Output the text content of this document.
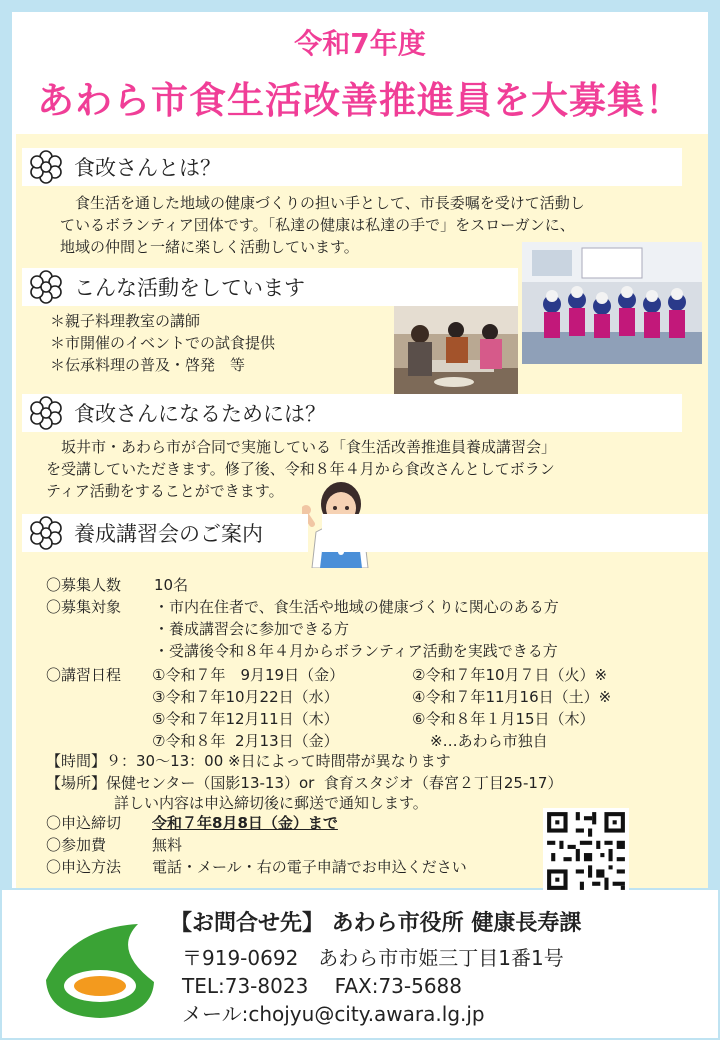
令和7年度
あわら市食生活改善推進員を大募集！
食改さんとは？
　食生活を通した地域の健康づくりの担い手として、市長委嘱を受けて活動し
ているボランティア団体です。「私達の健康は私達の手で」をスローガンに、
地域の仲間と一緒に楽しく活動しています。
こんな活動をしています
＊親子料理教室の講師
＊市開催のイベントでの試食提供
＊伝承料理の普及・啓発　等
食改さんになるためには？
　坂井市・あわら市が合同で実施している「食生活改善推進員養成講習会」
を受講していただきます。修了後、令和８年４月から食改さんとしてボラン
ティア活動をすることができます。
養成講習会のご案内
〇募集人数 10名
〇募集対象 ・市内在住者で、食生活や地域の健康づくりに関心のある方
・養成講習会に参加できる方
・受講後令和８年４月からボランティア活動を実践できる方
〇講習日程 ①令和７年　9月19日（金）
③令和７年10月22日（水）
⑤令和７年12月11日（木）
⑦令和８年  2月13日（金）
②令和７年10月７日（火）※
④令和７年11月16日（土）※
⑥令和８年１月15日（木）
※…あわら市独自
【時間】９：30～13：00 ※日によって時間帯が異なります
【場所】保健センター（国影13-13）or  食育スタジオ（春宮２丁目25-17）
詳しい内容は申込締切後に郵送で通知します。
〇申込締切 令和７年8月8日（金）まで
〇参加費	無料
〇申込方法 電話・メール・右の電子申請でお申込ください
【お問合せ先】 あわら市役所 健康長寿課
〒919-0692　あわら市市姫三丁目1番1号
TEL:73-8023　 FAX:73-5688
メール:chojyu@city.awara.lg.jp
